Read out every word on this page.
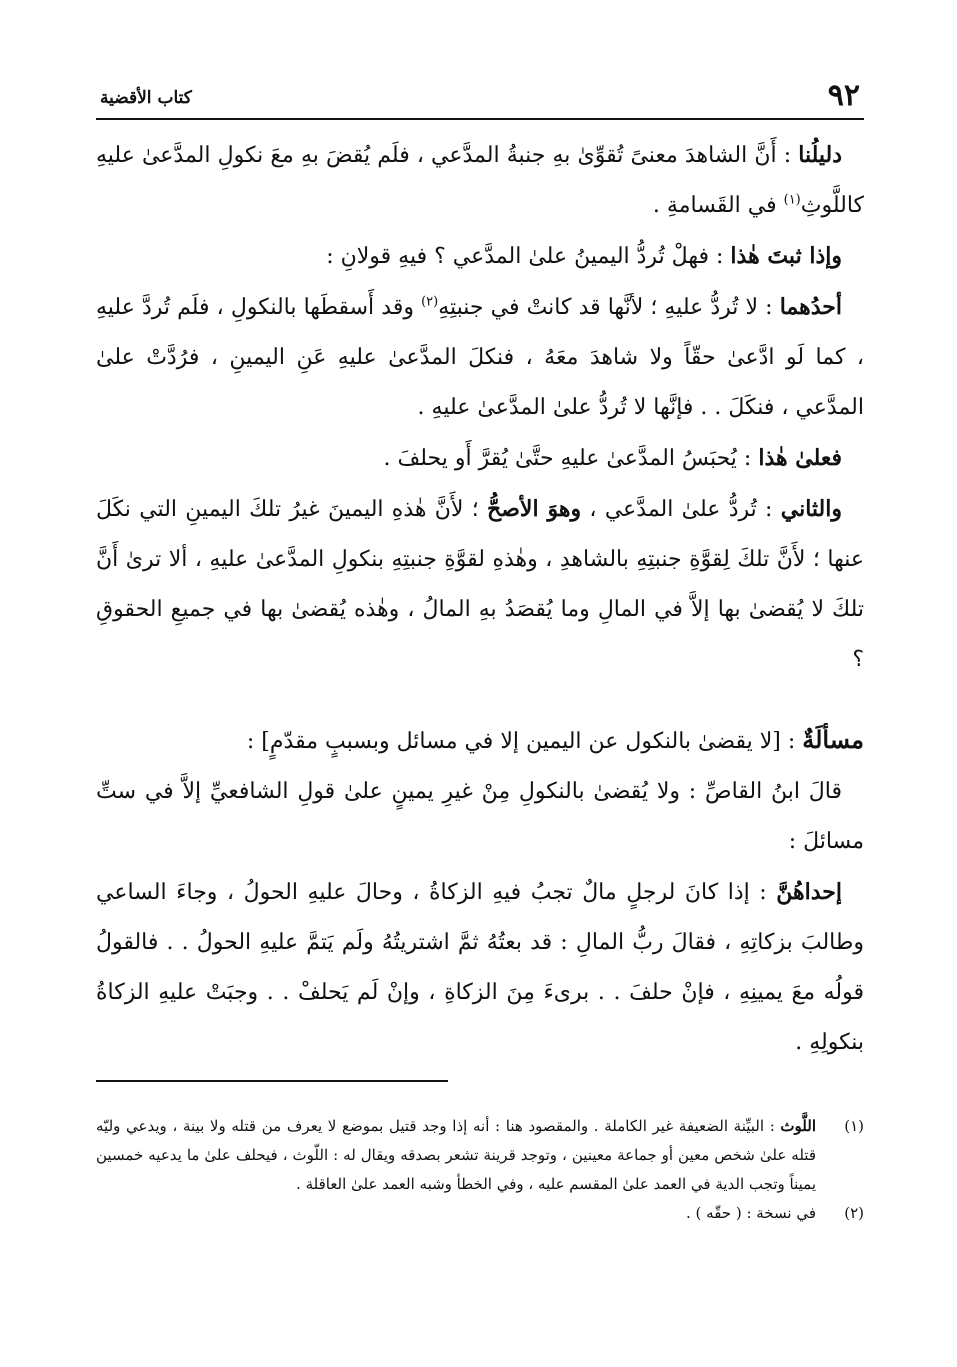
٩٢
كتاب الأقضية

دليلُنا : أَنَّ الشاهدَ معنىً تُقوِّىٰ بهِ جنبةُ المدَّعي ، فلَم يُقضَ بهِ معَ نكولِ المدَّعىٰ عليهِ كاللَّوثِ$^{(١)}$ في القَسامةِ .

وإذا ثبتَ هٰذا : فهلْ تُردُّ اليمينُ علىٰ المدَّعي ؟ فيهِ قولانِ :

أحدُهما : لا تُردُّ عليهِ ؛ لأنَّها قد كانتْ في جنبتِهِ$^{(٢)}$ وقد أَسقطَها بالنكولِ ، فلَم تُردَّ عليهِ ، كما لَو ادَّعىٰ حقّاً ولا شاهدَ معَهُ ، فنكلَ المدَّعىٰ عليهِ عَنِ اليمينِ ، فرُدَّتْ علىٰ المدَّعي ، فنكَلَ . . فإنَّها لا تُردُّ علىٰ المدَّعىٰ عليهِ .

فعلىٰ هٰذا : يُحبَسُ المدَّعىٰ عليهِ حتَّىٰ يُقرَّ أَو يحلفَ .

والثاني : تُردُّ علىٰ المدَّعي ، وهوَ الأصحُّ ؛ لأَنَّ هٰذهِ اليمينَ غيرُ تلكَ اليمينِ التي نكَلَ عنها ؛ لأَنَّ تلكَ لِقوَّةِ جنبتِهِ بالشاهدِ ، وهٰذهِ لقوَّةِ جنبتِهِ بنكولِ المدَّعىٰ عليهِ ، ألا ترىٰ أَنَّ تلكَ لا يُقضىٰ بها إلاَّ في المالِ وما يُقصَدُ بهِ المالُ ، وهٰذه يُقضىٰ بها في جميعِ الحقوقِ ؟

مسألَةٌ : [لا يقضىٰ بالنكول عن اليمين إلا في مسائل وبسببٍ مقدّمٍ] :

قالَ ابنُ القاصِّ : ولا يُقضىٰ بالنكولِ مِنْ غيرِ يمينٍ علىٰ قولِ الشافعيِّ إلاَّ في ستِّ مسائلَ :

إحداهُنَّ : إذا كانَ لرجلٍ مالٌ تجبُ فيهِ الزكاةُ ، وحالَ عليهِ الحولُ ، وجاءَ الساعي وطالبَ بزكاتِهِ ، فقالَ ربُّ المالِ : قد بعتُهُ ثمَّ اشتريتُهُ ولَم يَتمَّ عليهِ الحولُ . . فالقولُ قولُه معَ يمينِهِ ، فإنْ حلفَ . . برىءَ مِنَ الزكاةِ ، وإنْ لَم يَحلفْ . . وجبَتْ عليهِ الزكاةُ بنكولِهِ .

(١)
اللَّوث : البيِّنة الضعيفة غير الكاملة . والمقصود هنا : أنه إذا وجد قتيل بموضع لا يعرف من قتله ولا بينة ، ويدعي وليّه قتله علىٰ شخص معين أو جماعة معينين ، وتوجد قرينة تشعر بصدقه ويقال له : اللّوث ، فيحلف علىٰ ما يدعيه خمسين يميناً وتجب الدية في العمد علىٰ المقسم عليه ، وفي الخطأ وشبه العمد علىٰ العاقلة .
(٢)
في نسخة : ( حقّه ) .
